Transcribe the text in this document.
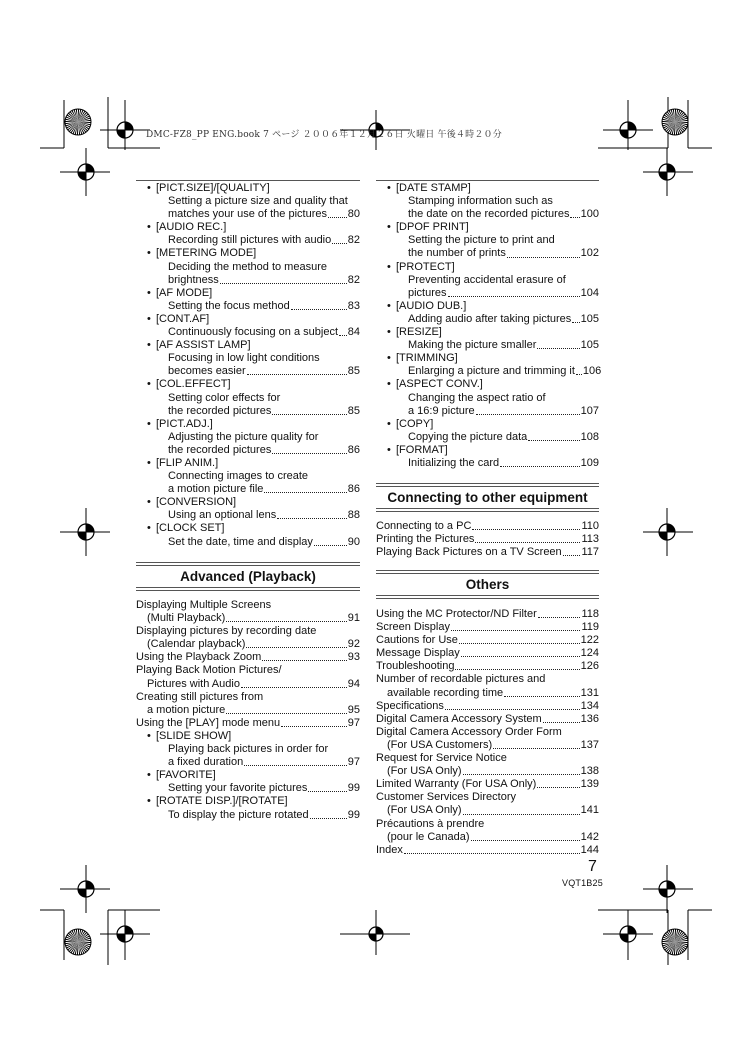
DMC-FZ8_PP ENG.book 7 ページ ２００６年１２月２６日 火曜日 午後４時２０分
• [PICT.SIZE]/[QUALITY]
Setting a picture size and quality that
matches your use of the pictures 80
• [AUDIO REC.]
Recording still pictures with audio 82
• [METERING MODE]
Deciding the method to measure
brightness	82
• [AF MODE]
Setting the focus method	83
• [CONT.AF]
Continuously focusing on a subject 84
• [AF ASSIST LAMP]
Focusing in low light conditions
becomes easier	85
• [COL.EFFECT]
Setting color effects for
the recorded pictures	85
• [PICT.ADJ.]
Adjusting the picture quality for
the recorded pictures	86
• [FLIP ANIM.]
Connecting images to create
a motion picture file	86
• [CONVERSION]
Using an optional lens	88
• [CLOCK SET]
Set the date, time and display	90
Advanced (Playback)
Displaying Multiple Screens
(Multi Playback)	91
Displaying pictures by recording date
(Calendar playback)	92
Using the Playback Zoom	93
Playing Back Motion Pictures/
Pictures with Audio	94
Creating still pictures from
a motion picture	95
Using the [PLAY] mode menu	97
• [SLIDE SHOW]
Playing back pictures in order for
a fixed duration	97
• [FAVORITE]
Setting your favorite pictures	99
• [ROTATE DISP.]/[ROTATE]
To display the picture rotated	99
• [DATE STAMP]
Stamping information such as
the date on the recorded pictures 100
• [DPOF PRINT]
Setting the picture to print and
the number of prints	102
• [PROTECT]
Preventing accidental erasure of
pictures	104
• [AUDIO DUB.]
Adding audio after taking pictures 105
• [RESIZE]
Making the picture smaller	105
• [TRIMMING]
Enlarging a picture and trimming it 106
• [ASPECT CONV.]
Changing the aspect ratio of
a 16:9 picture	107
• [COPY]
Copying the picture data	108
• [FORMAT]
Initializing the card	109
Connecting to other equipment
Connecting to a PC	110
Printing the Pictures	113
Playing Back Pictures on a TV Screen 117
Others
Using the MC Protector/ND Filter	118
Screen Display	119
Cautions for Use	122
Message Display	124
Troubleshooting	126
Number of recordable pictures and
available recording time	131
Specifications	134
Digital Camera Accessory System	136
Digital Camera Accessory Order Form
(For USA Customers)	137
Request for Service Notice
(For USA Only)	138
Limited Warranty (For USA Only)	139
Customer Services Directory
(For USA Only)	141
Précautions à prendre
(pour le Canada)	142
Index	144
7
VQT1B25
